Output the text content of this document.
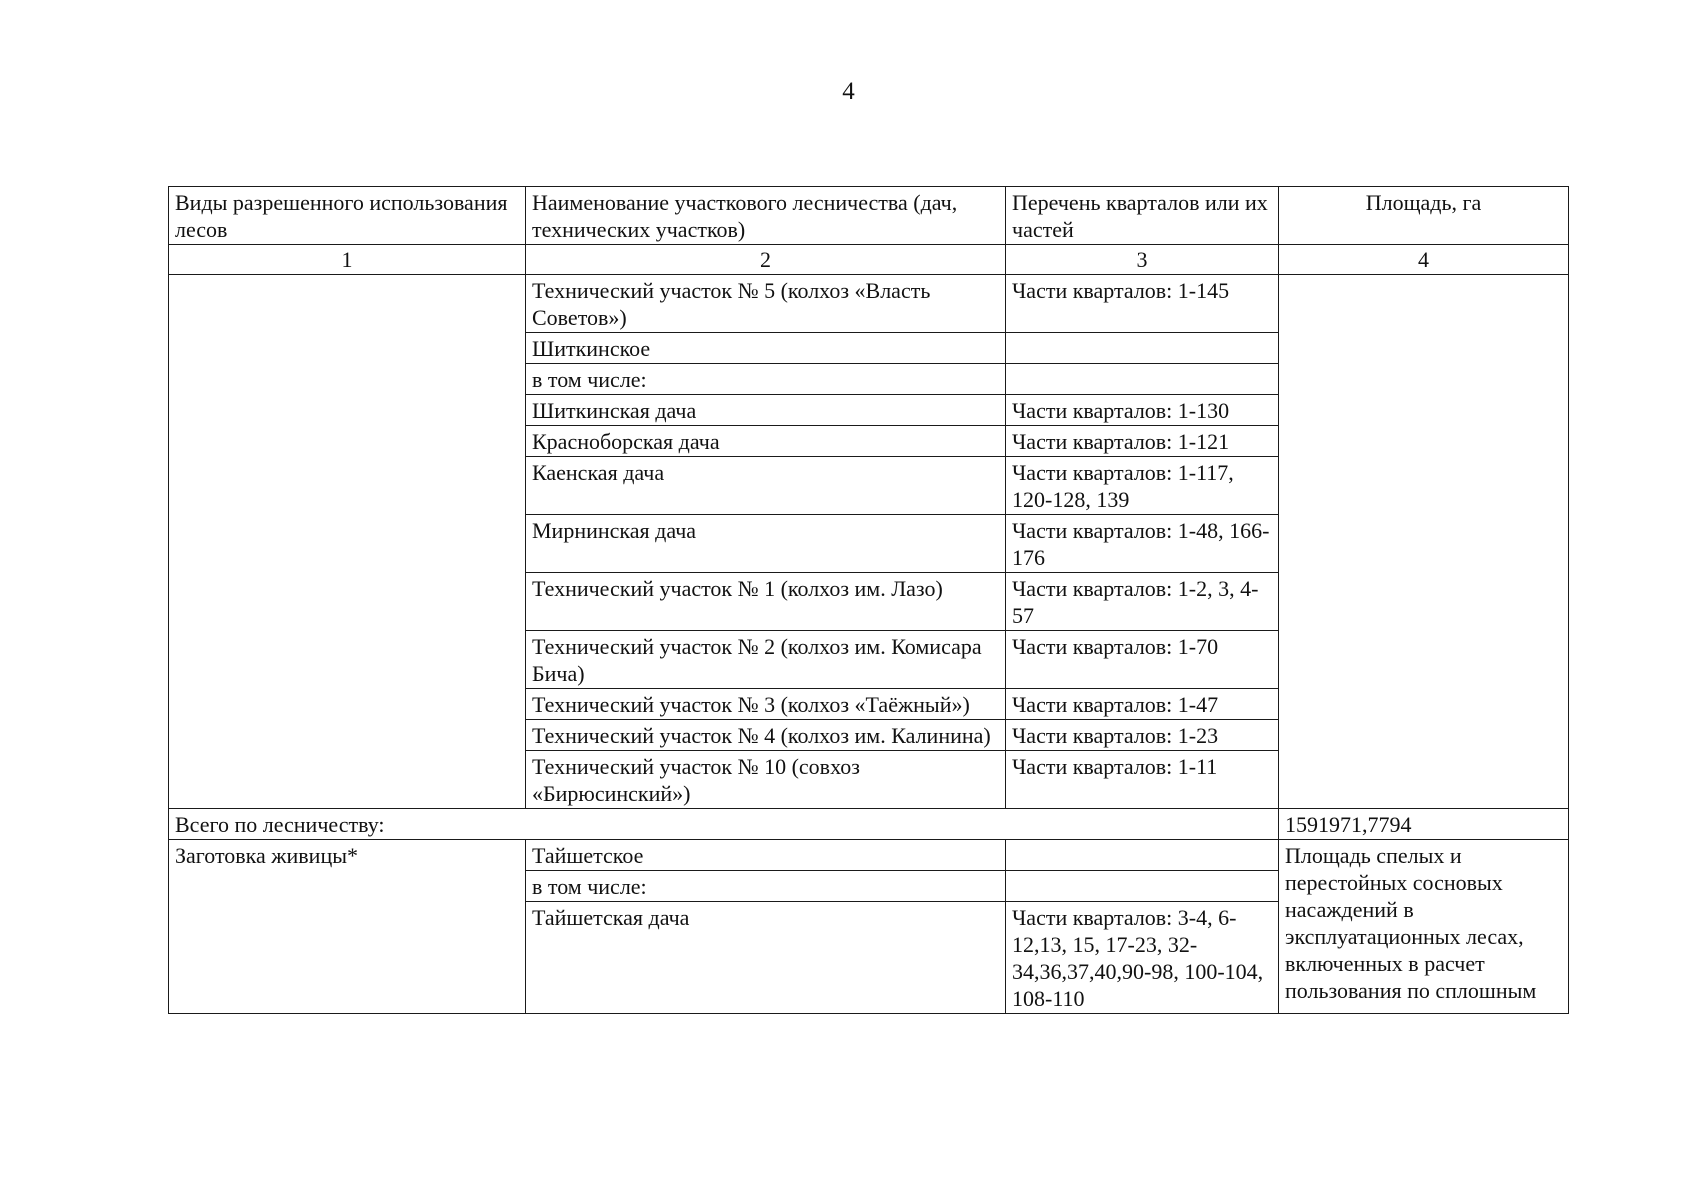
4
Виды разрешенного использования лесов	Наименование участкового лесничества (дач, технических участков)	Перечень кварталов или их частей	Площадь, га
1	2	3	4
	Технический участок № 5 (колхоз «Власть Советов»)	Части кварталов: 1-145	
	Шиткинское		
	в том числе:		
	Шиткинская дача	Части кварталов: 1-130	
	Красноборская дача	Части кварталов: 1-121	
	Каенская дача	Части кварталов: 1-117, 120-128, 139	
	Мирнинская дача	Части кварталов: 1-48, 166-176	
	Технический участок № 1 (колхоз им. Лазо)	Части кварталов: 1-2, 3, 4-57	
	Технический участок № 2 (колхоз им. Комисара Бича)	Части кварталов: 1-70	
	Технический участок № 3 (колхоз «Таёжный»)	Части кварталов: 1-47	
	Технический участок № 4 (колхоз им. Калинина)	Части кварталов: 1-23	
	Технический участок № 10 (совхоз «Бирюсинский»)	Части кварталов: 1-11	
Всего по лесничеству:			1591971,7794
Заготовка живицы*	Тайшетское		Площадь спелых и перестойных сосновых насаждений в эксплуатационных лесах, включенных в расчет пользования по сплошным
	в том числе:		
	Тайшетская дача	Части кварталов: 3-4, 6-12,13, 15, 17-23, 32-34,36,37,40,90-98, 100-104, 108-110	
